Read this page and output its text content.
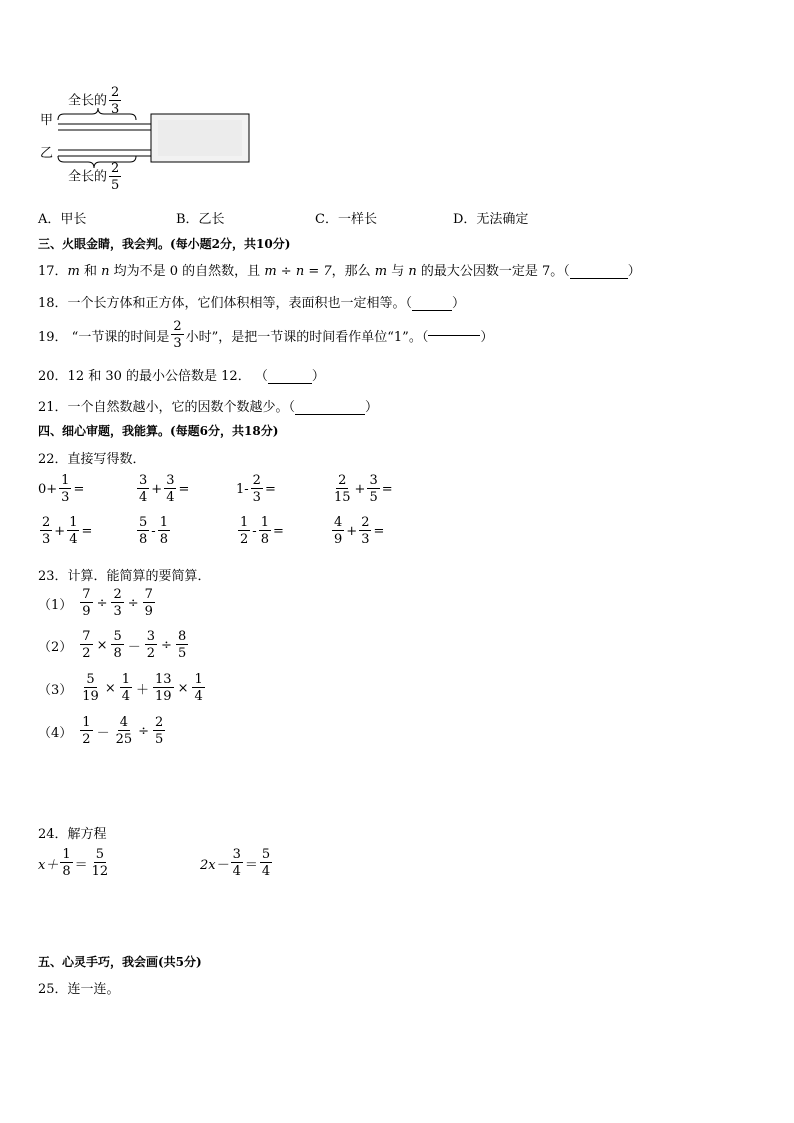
全长的 $\frac{2}{3}$
甲
乙
全长的 $\frac{2}{5}$
A．甲长	B．乙长	C．一样长	D．无法确定
三、火眼金睛，我会判。(每小题2分，共10分)
17．m 和 n 均为不是 0 的自然数，且 m ÷ n = 7，那么 m 与 n 的最大公因数一定是 7。（	）
18．一个长方体和正方体，它们体积相等，表面积也一定相等。（	）
19． “一节课的时间是 $\frac{2}{3}$ 小时”，是把一节课的时间看作单位“1”。（	）
20．12 和 30 的最小公倍数是 12． （	）
21．一个自然数越小，它的因数个数越少。（	）
四、细心审题，我能算。(每题6分，共18分)
22．直接写得数．
$0+ \frac{1}{3}$ =	$\frac{3}{4} + \frac{3}{4}$ =	$1- \frac{2}{3}$ =	$\frac{2}{15} + \frac{3}{5}$ =
$\frac{2}{3} + \frac{1}{4}$ =	$\frac{5}{8} - \frac{1}{8}$	$\frac{1}{2} - \frac{1}{8}$ =	$\frac{4}{9} + \frac{2}{3}$ =
23．计算．能简算的要简算．
$(1) \frac{7}{9} \div \frac{2}{3} \div \frac{7}{9}$
$(2) \frac{7}{2} \times \frac{5}{8} - \frac{3}{2} \div \frac{8}{5}$
$(3) \frac{5}{19} \times \frac{1}{4} + \frac{13}{19} \times \frac{1}{4}$
$(4) \frac{1}{2} - \frac{4}{25} \div \frac{2}{5}$
24．解方程
$x+ \frac{1}{8} = \frac{5}{12}$	$2x- \frac{3}{4} = \frac{5}{4}$
五、心灵手巧，我会画(共5分)
25．连一连。
